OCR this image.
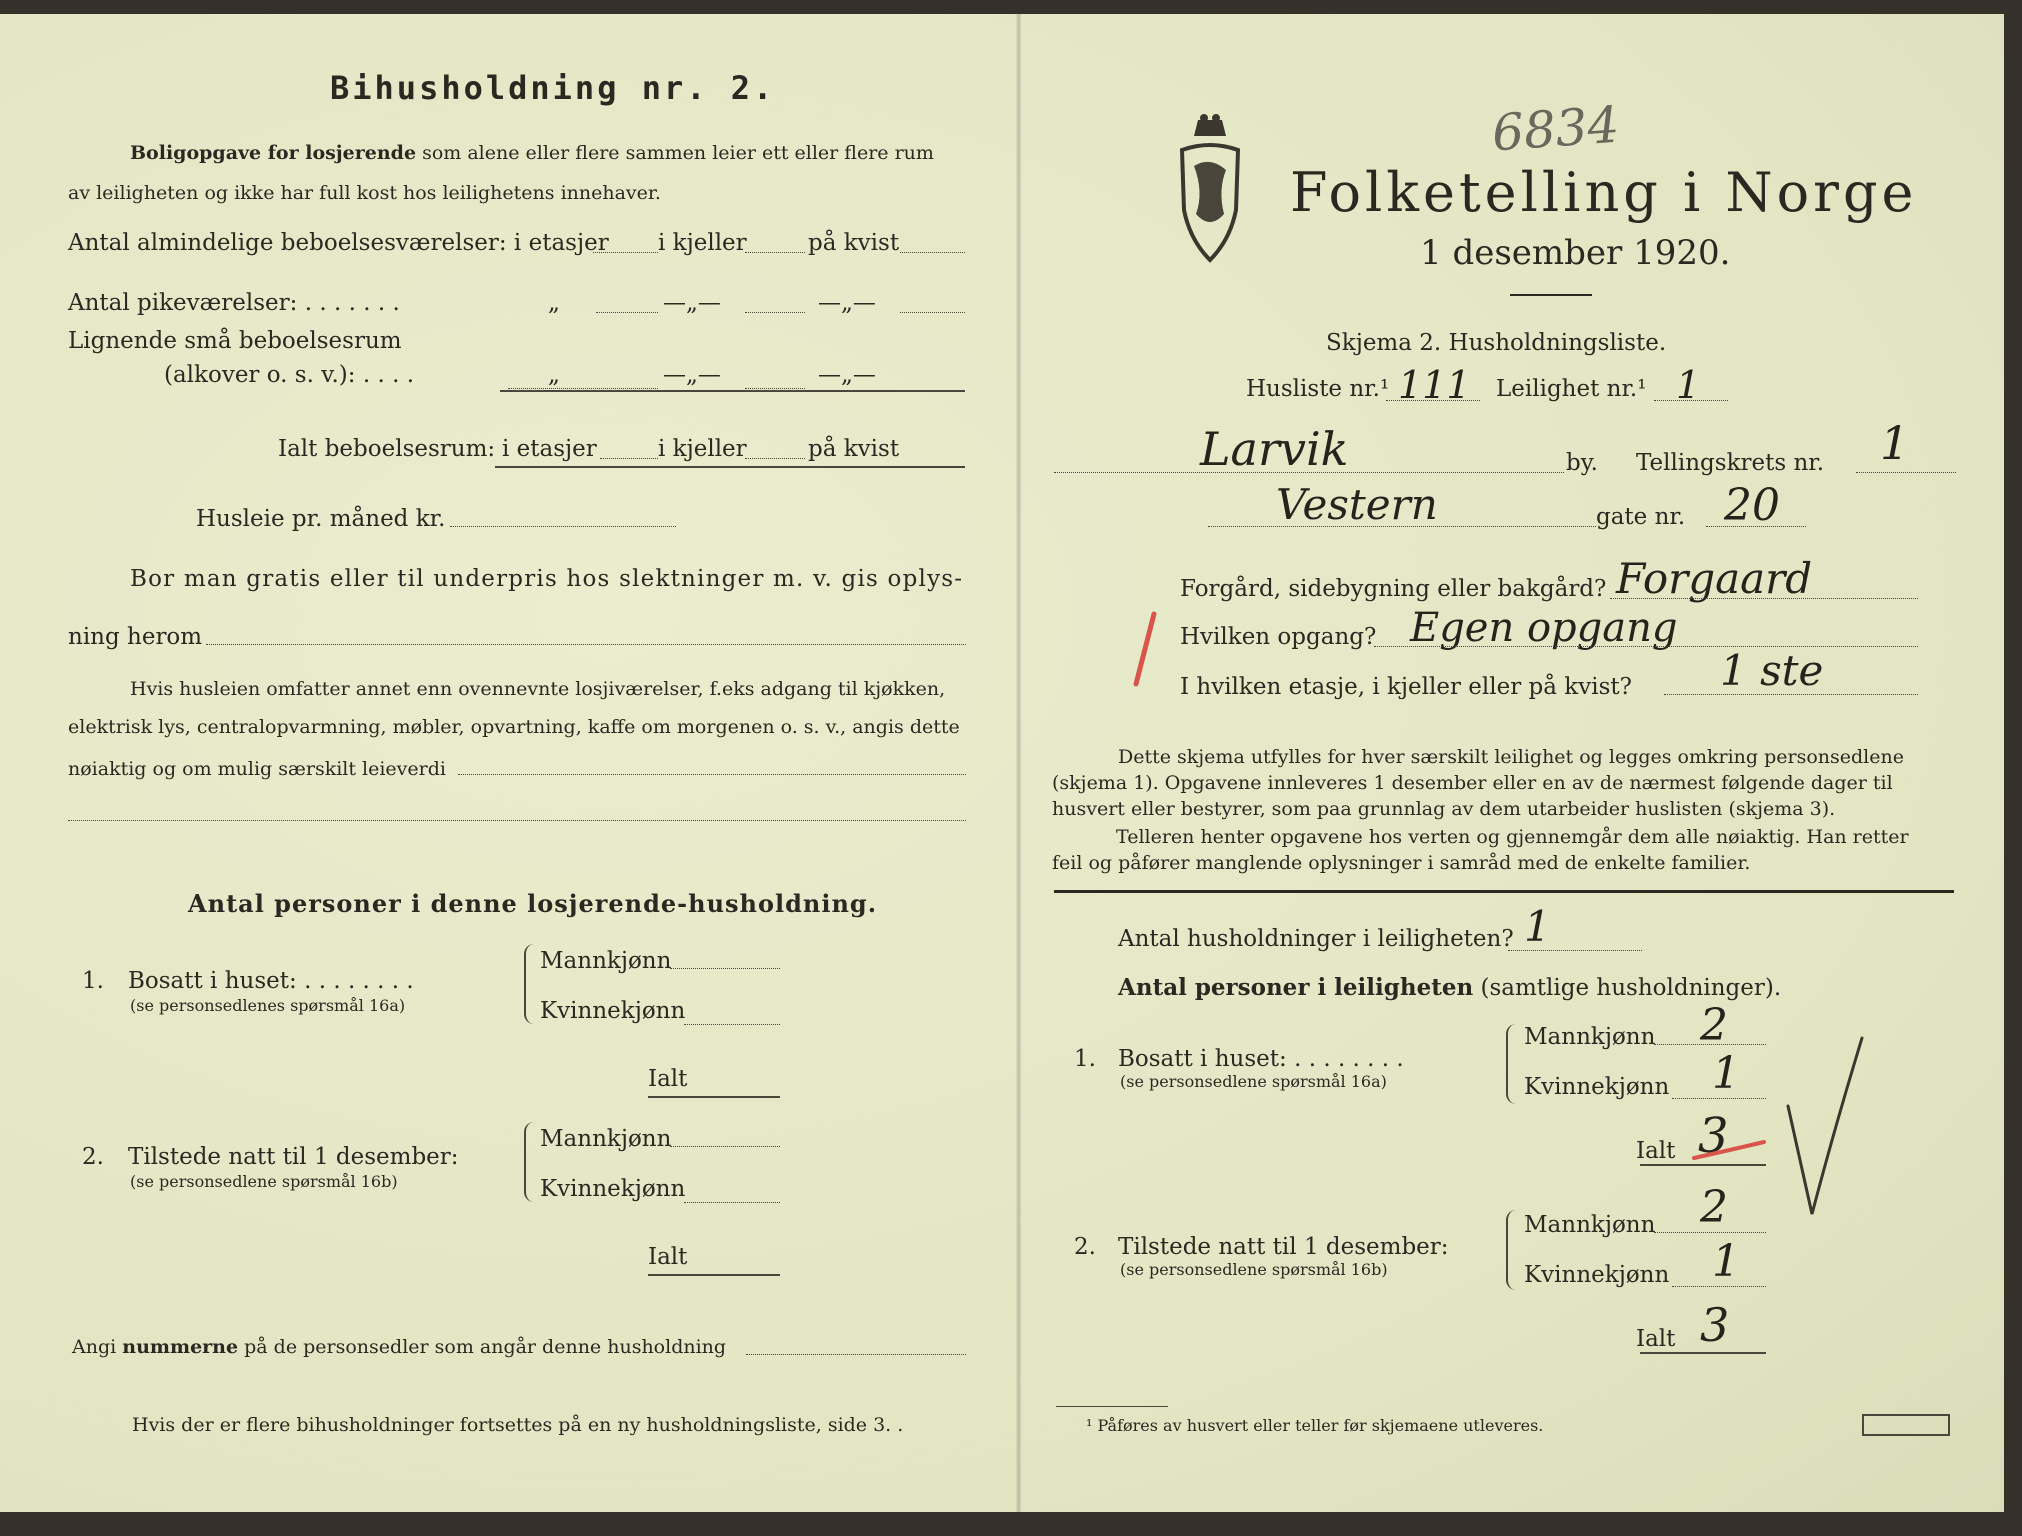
Bihusholdning nr. 2.
Boligopgave for losjerende som alene eller flere sammen leier ett eller flere rum
av leiligheten og ikke har full kost hos leilighetens innehaver.
Antal almindelige beboelsesværelser: i etasjer i kjeller	på kvist
Antal pikeværelser: . . . . . . .	„	—„—	—„—
Lignende små beboelsesrum
(alkover o. s. v.): . . . .	„	—„—	—„—
Ialt beboelsesrum: i etasjer	i kjeller	på kvist
Husleie pr. måned kr.
Bor man gratis eller til underpris hos slektninger m. v. gis oplys-
ning herom
Hvis husleien omfatter annet enn ovennevnte losjiværelser, f.eks adgang til kjøkken,
elektrisk lys, centralopvarmning, møbler, opvartning, kaffe om morgenen o. s. v., angis dette
nøiaktig og om mulig særskilt leieverdi
Antal personer i denne losjerende-husholdning.
1. Bosatt i huset: . . . . . . . .
(se personsedlenes spørsmål 16a)
Mannkjønn
Kvinnekjønn
Ialt
2. Tilstede natt til 1 desember:
(se personsedlene spørsmål 16b)
Mannkjønn
Kvinnekjønn
Ialt
Angi nummerne på de personsedler som angår denne husholdning
Hvis der er flere bihusholdninger fortsettes på en ny husholdningsliste, side 3. .
6834
Folketelling i Norge
1 desember 1920.
Skjema 2. Husholdningsliste.
Husliste nr.¹ 111 Leilighet nr.¹ 1
Larvik	by. Tellingskrets nr. 1
Vestern	gate nr. 20
Forgård, sidebygning eller bakgård? Forgaard
Hvilken opgang? Egen opgang
I hvilken etasje, i kjeller eller på kvist? 1 ste
Dette skjema utfylles for hver særskilt leilighet og legges omkring personsedlene
(skjema 1). Opgavene innleveres 1 desember eller en av de nærmest følgende dager til
husvert eller bestyrer, som paa grunnlag av dem utarbeider huslisten (skjema 3).
Telleren henter opgavene hos verten og gjennemgår dem alle nøiaktig. Han retter
feil og påfører manglende oplysninger i samråd med de enkelte familier.
Antal husholdninger i leiligheten? 1
Antal personer i leiligheten (samtlige husholdninger).
1. Bosatt i huset: . . . . . . . .
(se personsedlene spørsmål 16a)
Mannkjønn 2
Kvinnekjønn 1
Ialt 3
2. Tilstede natt til 1 desember:
(se personsedlene spørsmål 16b)
Mannkjønn 2
Kvinnekjønn 1
Ialt 3
¹ Påføres av husvert eller teller før skjemaene utleveres.
